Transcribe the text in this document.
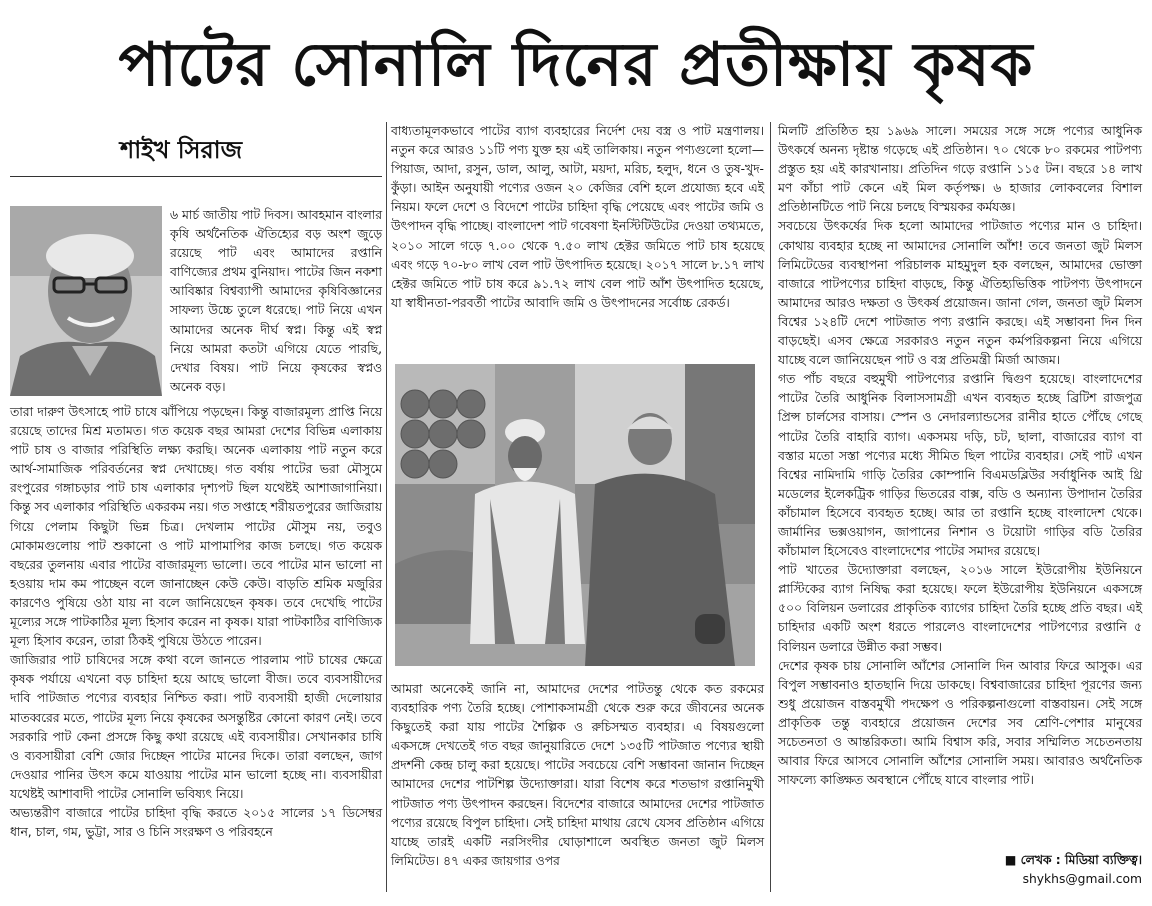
পাটের সোনালি দিনের প্রতীক্ষায় কৃষক
শাইখ সিরাজ

৬ মার্চ জাতীয় পাট দিবস। আবহমান বাংলার কৃষি অর্থনৈতিক ঐতিহ্যের বড় অংশ জুড়ে রয়েছে পাট এবং আমাদের রপ্তানি বাণিজ্যের প্রথম বুনিয়াদ। পাটের জিন নকশা আবিষ্কার বিশ্বব্যাপী আমাদের কৃষিবিজ্ঞানের সাফল্য উচ্চে তুলে ধরেছে। পাট নিয়ে এখন আমাদের অনেক দীর্ঘ স্বপ্ন। কিন্তু এই স্বপ্ন নিয়ে আমরা কতটা এগিয়ে যেতে পারছি, দেখার বিষয়। পাট নিয়ে কৃষকের স্বপ্নও অনেক বড়।

তারা দারুণ উৎসাহে পাট চাষে ঝাঁপিয়ে পড়ছেন। কিন্তু বাজারমূল্য প্রাপ্তি নিয়ে রয়েছে তাদের মিশ্র মতামত। গত কয়েক বছর আমরা দেশের বিভিন্ন এলাকায় পাট চাষ ও বাজার পরিস্থিতি লক্ষ্য করছি। অনেক এলাকায় পাট নতুন করে আর্থ-সামাজিক পরিবর্তনের স্বপ্ন দেখাচ্ছে। গত বর্ষায় পাটের ভরা মৌসুমে রংপুরের গঙ্গাচড়ার পাট চাষ এলাকার দৃশ্যপট ছিল যথেষ্টই আশাজাগানিয়া। কিন্তু সব এলাকার পরিস্থিতি একরকম নয়। গত সপ্তাহে শরীয়তপুরের জাজিরায় গিয়ে পেলাম কিছুটা ভিন্ন চিত্র। দেখলাম পাটের মৌসুম নয়, তবুও মোকামগুলোয় পাট শুকানো ও পাট মাপামাপির কাজ চলছে। গত কয়েক বছরের তুলনায় এবার পাটের বাজারমূল্য ভালো। তবে পাটের মান ভালো না হওয়ায় দাম কম পাচ্ছেন বলে জানাচ্ছেন কেউ কেউ। বাড়তি শ্রমিক মজুরির কারণেও পুষিয়ে ওঠা যায় না বলে জানিয়েছেন কৃষক। তবে দেখেছি পাটের মূল্যের সঙ্গে পাটকাঠির মূল্য হিসাব করেন না কৃষক। যারা পাটকাঠির বাণিজ্যিক মূল্য হিসাব করেন, তারা ঠিকই পুষিয়ে উঠতে পারেন।

জাজিরার পাট চাষিদের সঙ্গে কথা বলে জানতে পারলাম পাট চাষের ক্ষেত্রে কৃষক পর্যায়ে এখনো বড় চাহিদা হয়ে আছে ভালো বীজ। তবে ব্যবসায়ীদের দাবি পাটজাত পণ্যের ব্যবহার নিশ্চিত করা। পাট ব্যবসায়ী হাজী দেলোয়ার মাতব্বরের মতে, পাটের মূল্য নিয়ে কৃষকের অসন্তুষ্টির কোনো কারণ নেই। তবে সরকারি পাট কেনা প্রসঙ্গে কিছু কথা রয়েছে এই ব্যবসায়ীর। সেখানকার চাষি ও ব্যবসায়ীরা বেশি জোর দিচ্ছেন পাটের মানের দিকে। তারা বলছেন, জাগ দেওয়ার পানির উৎস কমে যাওয়ায় পাটের মান ভালো হচ্ছে না। ব্যবসায়ীরা যথেষ্টই আশাবাদী পাটের সোনালি ভবিষ্যৎ নিয়ে।

অভ্যন্তরীণ বাজারে পাটের চাহিদা বৃদ্ধি করতে ২০১৫ সালের ১৭ ডিসেম্বর ধান, চাল, গম, ভুট্টা, সার ও চিনি সংরক্ষণ ও পরিবহনে

বাধ্যতামূলকভাবে পাটের ব্যাগ ব্যবহারের নির্দেশ দেয় বস্ত্র ও পাট মন্ত্রণালয়। নতুন করে আরও ১১টি পণ্য যুক্ত হয় এই তালিকায়। নতুন পণ্যগুলো হলো— পিয়াজ, আদা, রসুন, ডাল, আলু, আটা, ময়দা, মরিচ, হলুদ, ধনে ও তুষ-খুদ-কুঁড়া। আইন অনুযায়ী পণ্যের ওজন ২০ কেজির বেশি হলে প্রযোজ্য হবে এই নিয়ম। ফলে দেশে ও বিদেশে পাটের চাহিদা বৃদ্ধি পেয়েছে এবং পাটের জমি ও উৎপাদন বৃদ্ধি পাচ্ছে। বাংলাদেশ পাট গবেষণা ইনস্টিটিউটের দেওয়া তথ্যমতে, ২০১০ সালে গড়ে ৭.০০ থেকে ৭.৫০ লাখ হেক্টর জমিতে পাট চাষ হয়েছে এবং গড়ে ৭০-৮০ লাখ বেল পাট উৎপাদিত হয়েছে। ২০১৭ সালে ৮.১৭ লাখ হেক্টর জমিতে পাট চাষ করে ৯১.৭২ লাখ বেল পাট আঁশ উৎপাদিত হয়েছে, যা স্বাধীনতা-পরবর্তী পাটের আবাদি জমি ও উৎপাদনের সর্বোচ্চ রেকর্ড।

আমরা অনেকেই জানি না, আমাদের দেশের পাটতন্তু থেকে কত রকমের ব্যবহারিক পণ্য তৈরি হচ্ছে। পোশাকসামগ্রী থেকে শুরু করে জীবনের অনেক কিছুতেই করা যায় পাটের শৈল্পিক ও রুচিসম্মত ব্যবহার। এ বিষয়গুলো একসঙ্গে দেখতেই গত বছর জানুয়ারিতে দেশে ১৩৫টি পাটজাত পণ্যের স্থায়ী প্রদর্শনী কেন্দ্র চালু করা হয়েছে। পাটের সবচেয়ে বেশি সম্ভাবনা জানান দিচ্ছেন আমাদের দেশের পাটশিল্প উদ্যোক্তারা। যারা বিশেষ করে শতভাগ রপ্তানিমুখী পাটজাত পণ্য উৎপাদন করছেন। বিদেশের বাজারে আমাদের দেশের পাটজাত পণ্যের রয়েছে বিপুল চাহিদা। সেই চাহিদা মাথায় রেখে যেসব প্রতিষ্ঠান এগিয়ে যাচ্ছে তারই একটি নরসিংদীর ঘোড়াশালে অবস্থিত জনতা জুট মিলস লিমিটেড। ৪৭ একর জায়গার ওপর

মিলটি প্রতিষ্ঠিত হয় ১৯৬৯ সালে। সময়ের সঙ্গে সঙ্গে পণ্যের আধুনিক উৎকর্ষে অনন্য দৃষ্টান্ত গড়েছে এই প্রতিষ্ঠান। ৭০ থেকে ৮০ রকমের পাটপণ্য প্রস্তুত হয় এই কারখানায়। প্রতিদিন গড়ে রপ্তানি ১১৫ টন। বছরে ১৪ লাখ মণ কাঁচা পাট কেনে এই মিল কর্তৃপক্ষ। ৬ হাজার লোকবলের বিশাল প্রতিষ্ঠানটিতে পাট নিয়ে চলছে বিস্ময়কর কর্মযজ্ঞ।

সবচেয়ে উৎকর্ষের দিক হলো আমাদের পাটজাত পণ্যের মান ও চাহিদা। কোথায় ব্যবহার হচ্ছে না আমাদের সোনালি আঁশ! তবে জনতা জুট মিলস লিমিটেডের ব্যবস্থাপনা পরিচালক মাহমুদুল হক বলছেন, আমাদের ভোক্তা বাজারে পাটপণ্যের চাহিদা বাড়ছে, কিন্তু ঐতিহ্যভিত্তিক পাটপণ্য উৎপাদনে আমাদের আরও দক্ষতা ও উৎকর্ষ প্রয়োজন। জানা গেল, জনতা জুট মিলস বিশ্বের ১২৪টি দেশে পাটজাত পণ্য রপ্তানি করছে। এই সম্ভাবনা দিন দিন বাড়ছেই। এসব ক্ষেত্রে সরকারও নতুন নতুন কর্মপরিকল্পনা নিয়ে এগিয়ে যাচ্ছে বলে জানিয়েছেন পাট ও বস্ত্র প্রতিমন্ত্রী মির্জা আজম।

গত পাঁচ বছরে বহুমুখী পাটপণ্যের রপ্তানি দ্বিগুণ হয়েছে। বাংলাদেশের পাটের তৈরি আধুনিক বিলাসসামগ্রী এখন ব্যবহৃত হচ্ছে ব্রিটিশ রাজপুত্র প্রিন্স চার্লসের বাসায়। স্পেন ও নেদারল্যান্ডসের রানীর হাতে পৌঁছে গেছে পাটের তৈরি বাহারি ব্যাগ। একসময় দড়ি, চট, ছালা, বাজারের ব্যাগ বা বস্তার মতো সস্তা পণ্যের মধ্যে সীমিত ছিল পাটের ব্যবহার। সেই পাট এখন বিশ্বের নামিদামি গাড়ি তৈরির কোম্পানি বিএমডব্লিউর সর্বাধুনিক আই থ্রি মডেলের ইলেকট্রিক গাড়ির ভিতরের বাক্স, বডি ও অন্যান্য উপাদান তৈরির কাঁচামাল হিসেবে ব্যবহৃত হচ্ছে। আর তা রপ্তানি হচ্ছে বাংলাদেশ থেকে। জার্মানির ভক্সওয়াগন, জাপানের নিশান ও টয়োটা গাড়ির বডি তৈরির কাঁচামাল হিসেবেও বাংলাদেশের পাটের সমাদর রয়েছে।

পাট খাতের উদ্যোক্তারা বলছেন, ২০১৬ সালে ইউরোপীয় ইউনিয়নে প্লাস্টিকের ব্যাগ নিষিদ্ধ করা হয়েছে। ফলে ইউরোপীয় ইউনিয়নে একসঙ্গে ৫০০ বিলিয়ন ডলারের প্রাকৃতিক ব্যাগের চাহিদা তৈরি হচ্ছে প্রতি বছর। এই চাহিদার একটি অংশ ধরতে পারলেও বাংলাদেশের পাটপণ্যের রপ্তানি ৫ বিলিয়ন ডলারে উন্নীত করা সম্ভব।

দেশের কৃষক চায় সোনালি আঁশের সোনালি দিন আবার ফিরে আসুক। এর বিপুল সম্ভাবনাও হাতছানি দিয়ে ডাকছে। বিশ্ববাজারের চাহিদা পূরণের জন্য শুধু প্রয়োজন বাস্তবমুখী পদক্ষেপ ও পরিকল্পনাগুলো বাস্তবায়ন। সেই সঙ্গে প্রাকৃতিক তন্তু ব্যবহারে প্রয়োজন দেশের সব শ্রেণি-পেশার মানুষের সচেতনতা ও আন্তরিকতা। আমি বিশ্বাস করি, সবার সম্মিলিত সচেতনতায় আবার ফিরে আসবে সোনালি আঁশের সোনালি সময়। আবারও অর্থনৈতিক সাফল্যে কাঙ্ক্ষিত অবস্থানে পৌঁছে যাবে বাংলার পাট।

■ লেখক : মিডিয়া ব্যক্তিত্ব।
shykhs@gmail.com
